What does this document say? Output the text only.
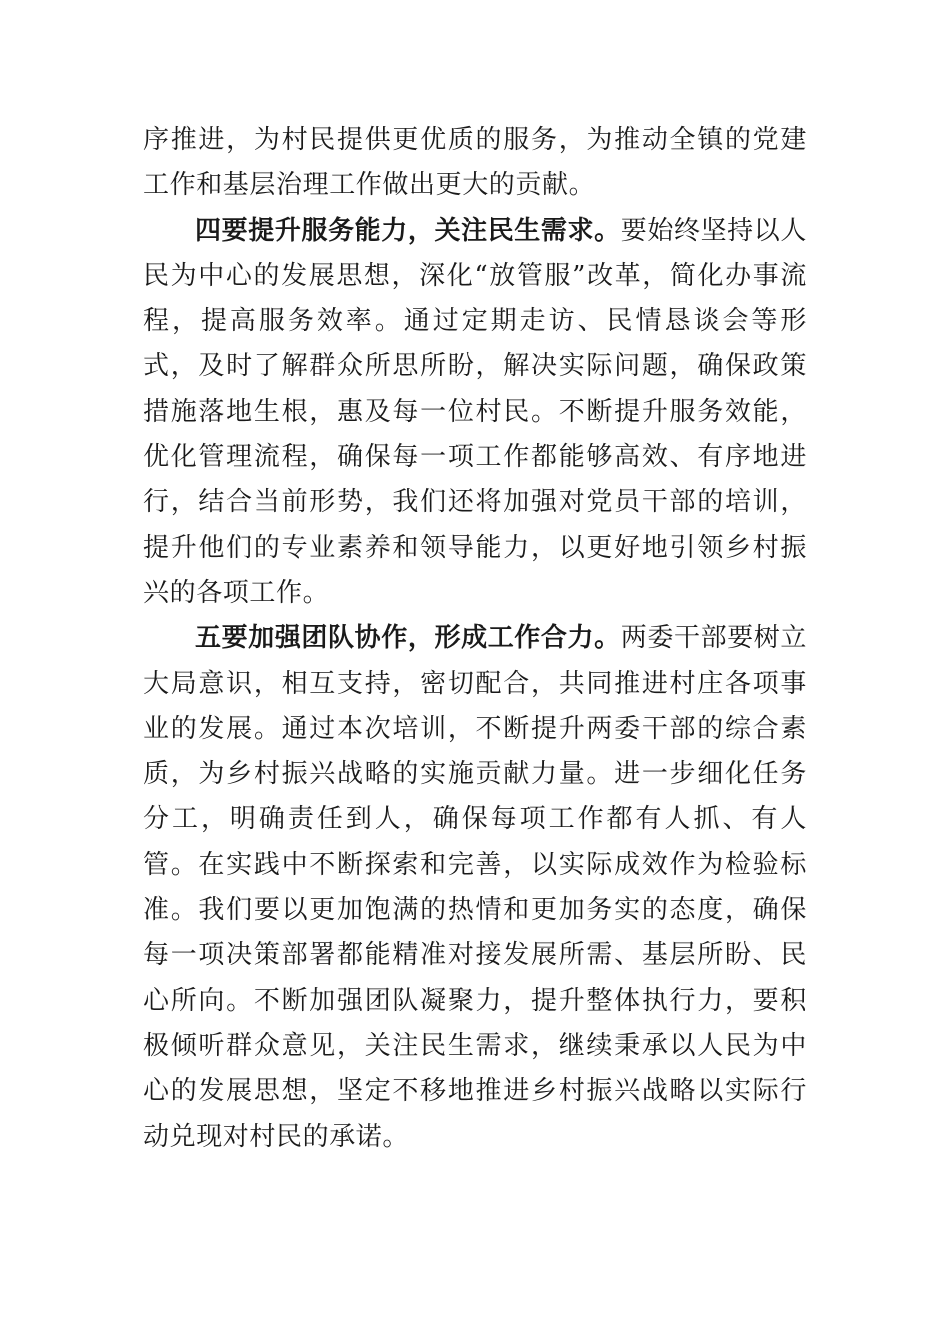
序推进，为村民提供更优质的服务，为推动全镇的党建工作和基层治理工作做出更大的贡献。

四要提升服务能力，关注民生需求。要始终坚持以人民为中心的发展思想，深化“放管服”改革，简化办事流程，提高服务效率。通过定期走访、民情恳谈会等形式，及时了解群众所思所盼，解决实际问题，确保政策措施落地生根，惠及每一位村民。不断提升服务效能，优化管理流程，确保每一项工作都能够高效、有序地进行，结合当前形势，我们还将加强对党员干部的培训，提升他们的专业素养和领导能力，以更好地引领乡村振兴的各项工作。

五要加强团队协作，形成工作合力。两委干部要树立大局意识，相互支持，密切配合，共同推进村庄各项事业的发展。通过本次培训，不断提升两委干部的综合素质，为乡村振兴战略的实施贡献力量。进一步细化任务分工，明确责任到人，确保每项工作都有人抓、有人管。在实践中不断探索和完善，以实际成效作为检验标准。我们要以更加饱满的热情和更加务实的态度，确保每一项决策部署都能精准对接发展所需、基层所盼、民心所向。不断加强团队凝聚力，提升整体执行力，要积极倾听群众意见，关注民生需求，继续秉承以人民为中心的发展思想，坚定不移地推进乡村振兴战略以实际行动兑现对村民的承诺。
